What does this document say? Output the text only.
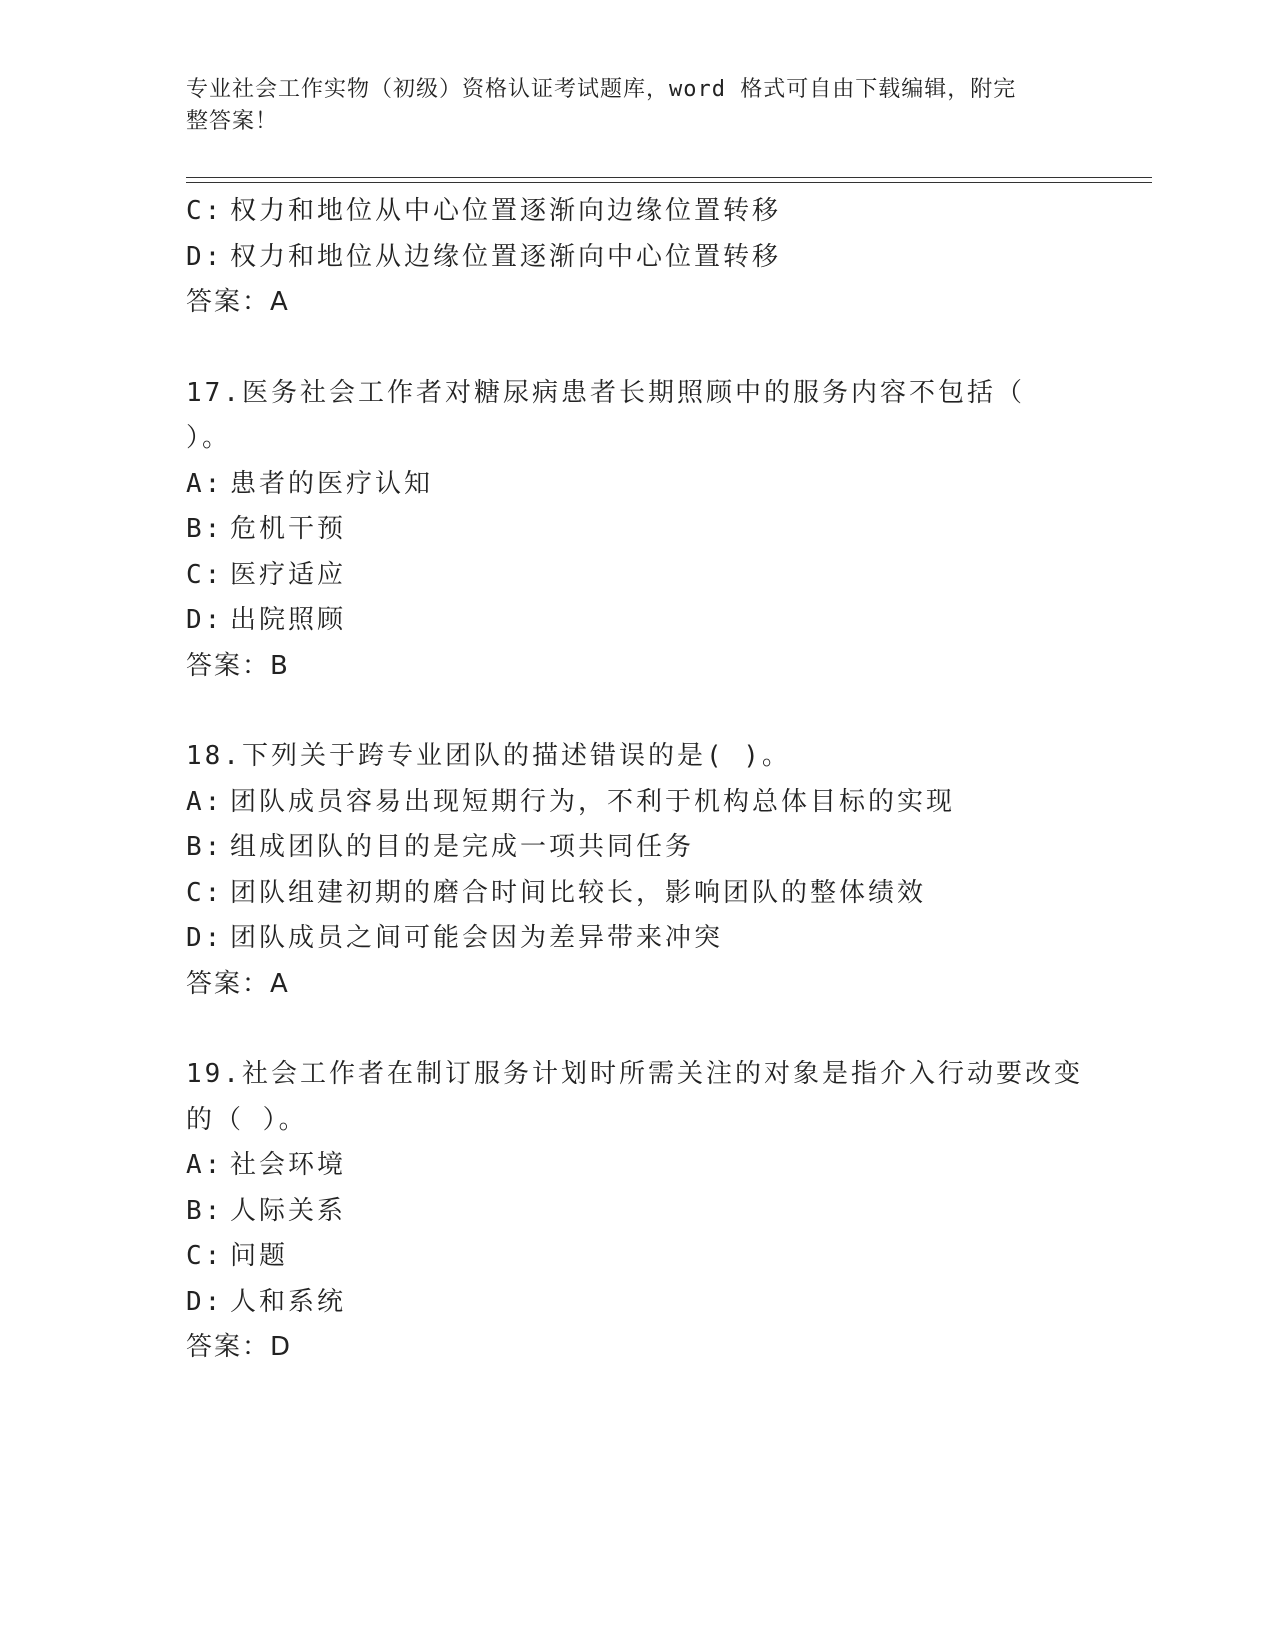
专业社会工作实物（初级）资格认证考试题库，word 格式可自由下载编辑，附完
整答案！
C: 权力和地位从中心位置逐渐向边缘位置转移
D: 权力和地位从边缘位置逐渐向中心位置转移
答案：A
17.医务社会工作者对糖尿病患者长期照顾中的服务内容不包括（
）。
A: 患者的医疗认知
B: 危机干预
C: 医疗适应
D: 出院照顾
答案：B
18.下列关于跨专业团队的描述错误的是( )。
A: 团队成员容易出现短期行为，不利于机构总体目标的实现
B: 组成团队的目的是完成一项共同任务
C: 团队组建初期的磨合时间比较长，影响团队的整体绩效
D: 团队成员之间可能会因为差异带来冲突
答案：A
19.社会工作者在制订服务计划时所需关注的对象是指介入行动要改变
的（ ）。
A: 社会环境
B: 人际关系
C: 问题
D: 人和系统
答案：D
